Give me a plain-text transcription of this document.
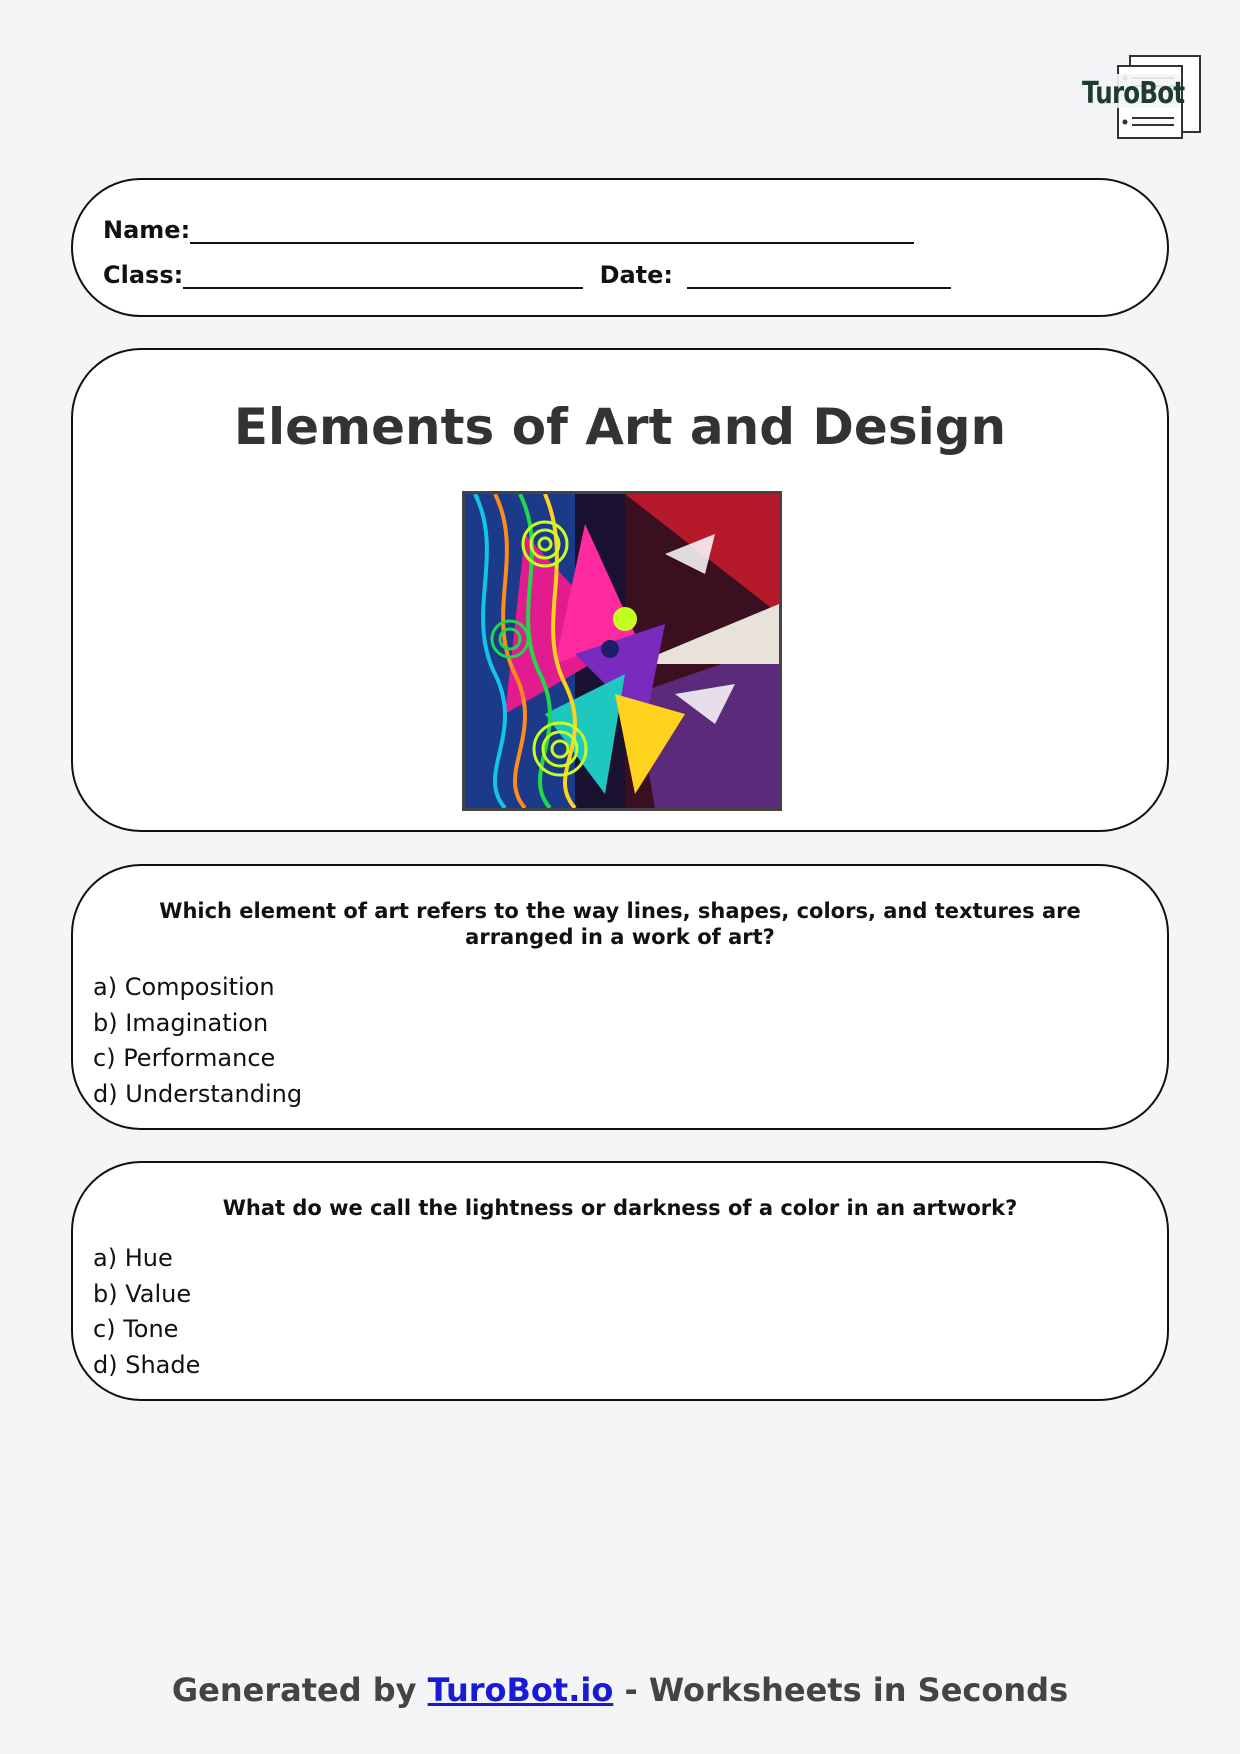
TuroBot
Name:
Class:	Date:
Elements of Art and Design
Which element of art refers to the way lines, shapes, colors, and textures are arranged in a work of art?
a) Composition
b) Imagination
c) Performance
d) Understanding
What do we call the lightness or darkness of a color in an artwork?
a) Hue
b) Value
c) Tone
d) Shade
Generated by TuroBot.io - Worksheets in Seconds
